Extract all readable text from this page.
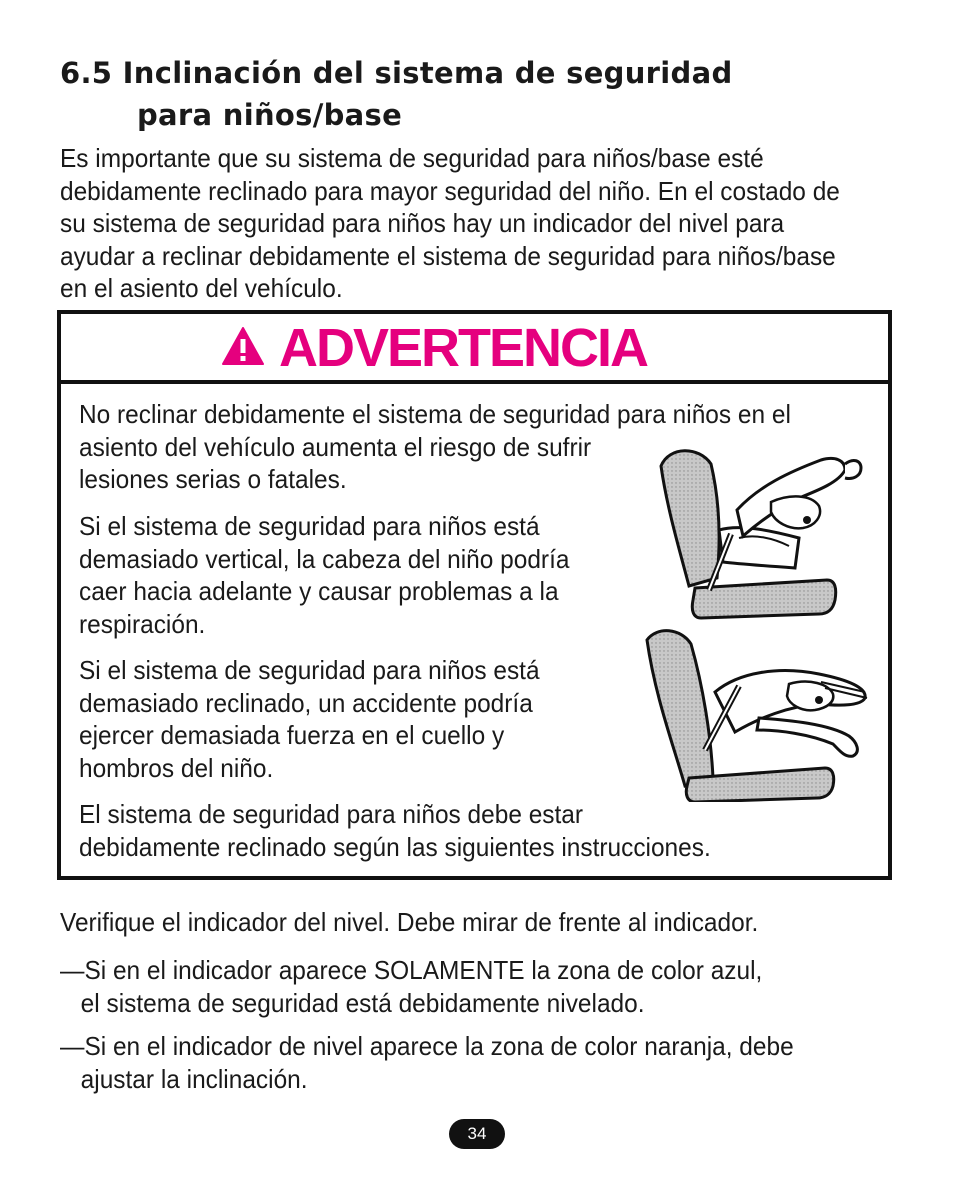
6.5 Inclinación del sistema de seguridad
para niños/base

Es importante que su sistema de seguridad para niños/base esté
debidamente reclinado para mayor seguridad del niño. En el costado de
su sistema de seguridad para niños hay un indicador del nivel para
ayudar a reclinar debidamente el sistema de seguridad para niños/base
en el asiento del vehículo.

ADVERTENCIA

No reclinar debidamente el sistema de seguridad para niños en el
asiento del vehículo aumenta el riesgo de sufrir
lesiones serias o fatales.

Si el sistema de seguridad para niños está
demasiado vertical, la cabeza del niño podría
caer hacia adelante y causar problemas a la
respiración.

Si el sistema de seguridad para niños está
demasiado reclinado, un accidente podría
ejercer demasiada fuerza en el cuello y
hombros del niño.

El sistema de seguridad para niños debe estar
debidamente reclinado según las siguientes instrucciones.

Verifique el indicador del nivel. Debe mirar de frente al indicador.

—Si en el indicador aparece SOLAMENTE la zona de color azul,

el sistema de seguridad está debidamente nivelado.

—Si en el indicador de nivel aparece la zona de color naranja, debe

ajustar la inclinación.

34
